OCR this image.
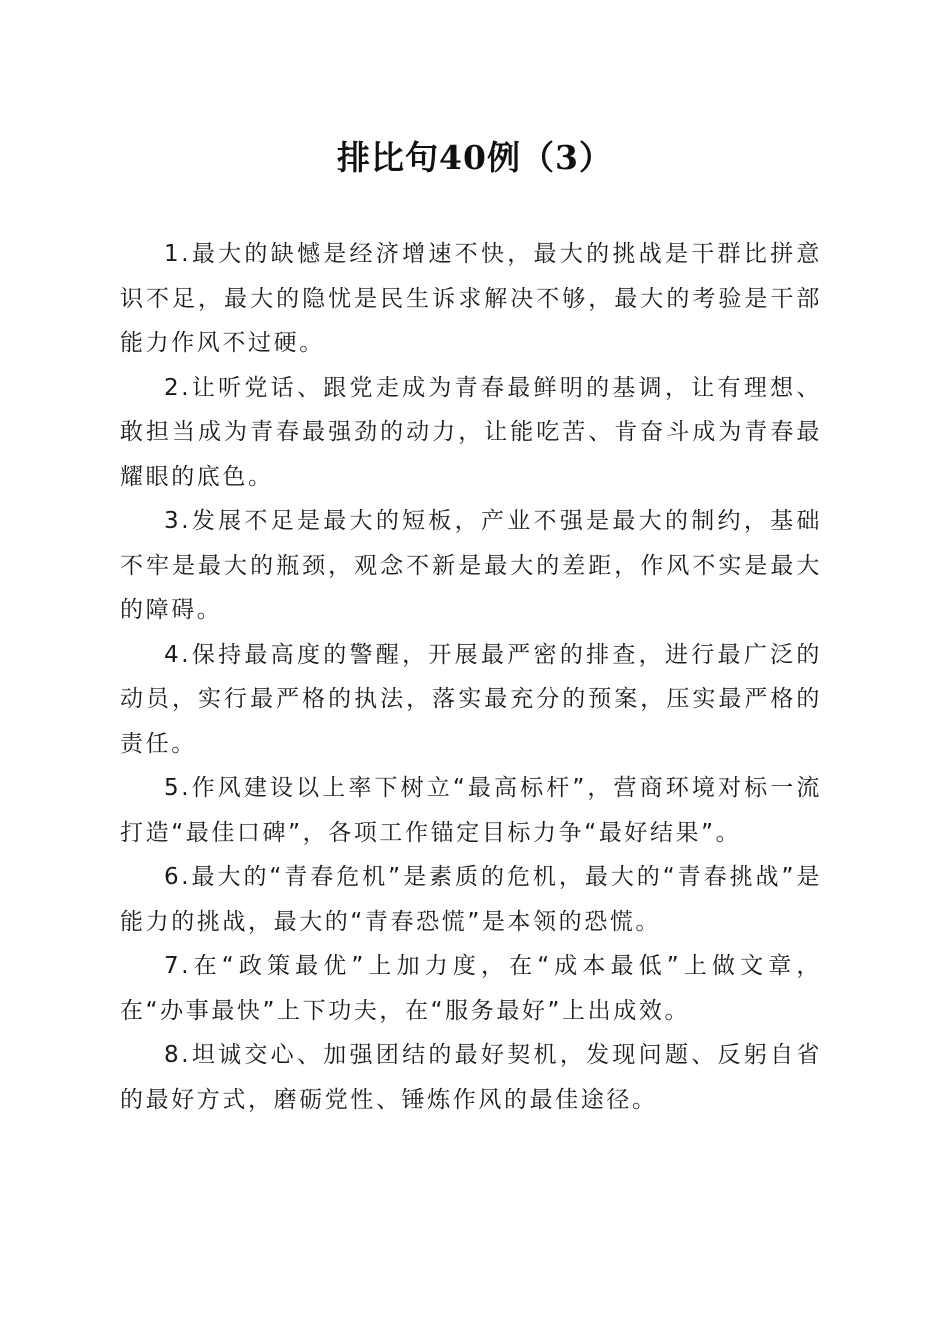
排比句40例（3）

1.最大的缺憾是经济增速不快，最大的挑战是干群比拼意识不足，最大的隐忧是民生诉求解决不够，最大的考验是干部能力作风不过硬。

2.让听党话、跟党走成为青春最鲜明的基调，让有理想、敢担当成为青春最强劲的动力，让能吃苦、肯奋斗成为青春最耀眼的底色。

3.发展不足是最大的短板，产业不强是最大的制约，基础不牢是最大的瓶颈，观念不新是最大的差距，作风不实是最大的障碍。

4.保持最高度的警醒，开展最严密的排查，进行最广泛的动员，实行最严格的执法，落实最充分的预案，压实最严格的责任。

5.作风建设以上率下树立“最高标杆”，营商环境对标一流打造“最佳口碑”，各项工作锚定目标力争“最好结果”。

6.最大的“青春危机”是素质的危机，最大的“青春挑战”是能力的挑战，最大的“青春恐慌”是本领的恐慌。

7.在“政策最优”上加力度，在“成本最低”上做文章，在“办事最快”上下功夫，在“服务最好”上出成效。

8.坦诚交心、加强团结的最好契机，发现问题、反躬自省的最好方式，磨砺党性、锤炼作风的最佳途径。
